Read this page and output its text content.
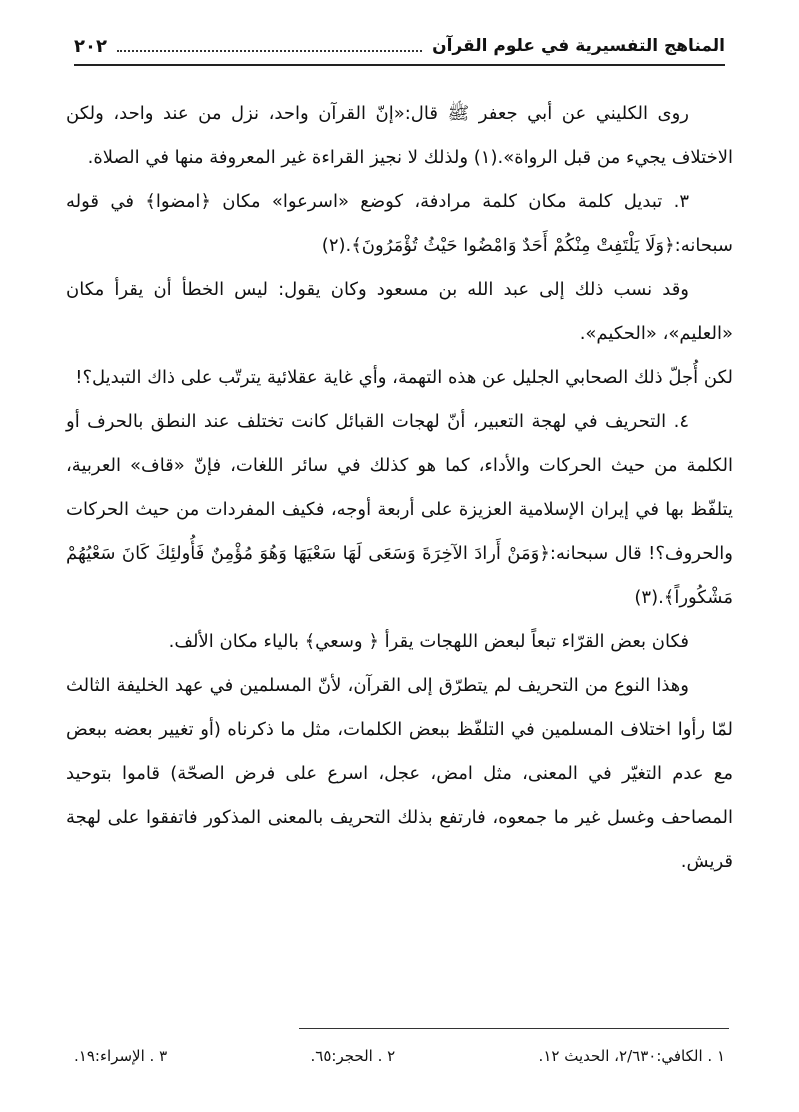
المناهج التفسيرية في علوم القرآن
٢٠٢

روى الكليني عن أبي جعفر ﷺ قال:«إنّ القرآن واحد، نزل من عند واحد، ولكن الاختلاف يجيء من قبل الرواة».(١) ولذلك لا نجيز القراءة غير المعروفة منها في الصلاة.

٣. تبديل كلمة مكان كلمة مرادفة، كوضع «اسرعوا» مكان ﴿امضوا﴾ في قوله سبحانه:﴿وَلَا يَلْتَفِتْ مِنْكُمْ أَحَدٌ وَامْضُوا حَيْثُ تُؤْمَرُونَ﴾.(٢)

وقد نسب ذلك إلى عبد الله بن مسعود وكان يقول: ليس الخطأ أن يقرأ مكان «العليم»، «الحكيم».

لكن أُجلّ ذلك الصحابي الجليل عن هذه التهمة، وأي غاية عقلائية يترتّب على ذاك التبديل؟!

٤. التحريف في لهجة التعبير، أنّ لهجات القبائل كانت تختلف عند النطق بالحرف أو الكلمة من حيث الحركات والأداء، كما هو كذلك في سائر اللغات، فإنّ «قاف» العربية، يتلفّظ بها في إيران الإسلامية العزيزة على أربعة أوجه، فكيف المفردات من حيث الحركات والحروف؟! قال سبحانه:﴿وَمَنْ أَرادَ الآخِرَةَ وَسَعَى لَهَا سَعْيَهَا وَهُوَ مُؤْمِنٌ فَأُولئِكَ كَانَ سَعْيُهُمْ مَشْكُوراً﴾.(٣)

فكان بعض القرّاء تبعاً لبعض اللهجات يقرأ ﴿ وسعي﴾ بالياء مكان الألف.

وهذا النوع من التحريف لم يتطرّق إلى القرآن، لأنّ المسلمين في عهد الخليفة الثالث لمّا رأوا اختلاف المسلمين في التلفّظ ببعض الكلمات، مثل ما ذكرناه (أو تغيير بعضه ببعض مع عدم التغيّر في المعنى، مثل امض، عجل، اسرع على فرض الصحّة) قاموا بتوحيد المصاحف وغسل غير ما جمعوه، فارتفع بذلك التحريف بالمعنى المذكور فاتفقوا على لهجة قريش.

١ . الكافي:٢/٦٣٠، الحديث ١٢.
٢ . الحجر:٦٥.
٣ . الإسراء:١٩.
